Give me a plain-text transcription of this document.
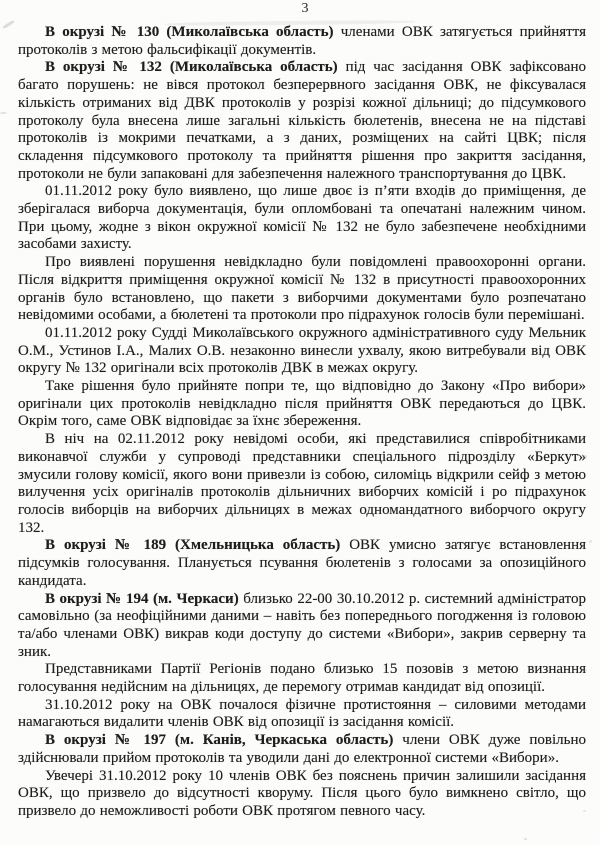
3

В окрузі № 130 (Миколаївська область) членами ОВК затягується прийняття протоколів з метою фальсифікації документів.

В окрузі № 132 (Миколаївська область) під час засідання ОВК зафіксовано багато порушень: не вівся протокол безперервного засідання ОВК, не фіксувалася кількість отриманих від ДВК протоколів у розрізі кожної дільниці; до підсумкового протоколу була внесена лише загальні кількість бюлетенів, внесена не на підставі протоколів із мокрими печатками, а з даних, розміщених на сайті ЦВК; після складення підсумкового протоколу та прийняття рішення про закриття засідання, протоколи не були запаковані для забезпечення належного транспортування до ЦВК.

01.11.2012 року було виявлено, що лише двоє із п’яти входів до приміщення, де зберігалася виборча документація, були опломбовані та опечатані належним чином. При цьому, жодне з вікон окружної комісії № 132 не було забезпечене необхідними засобами захисту.

Про виявлені порушення невідкладно були повідомлені правоохоронні органи. Після відкриття приміщення окружної комісії № 132 в присутності правоохоронних органів було встановлено, що пакети з виборчими документами було розпечатано невідомими особами, а бюлетені та протоколи про підрахунок голосів були перемішані.

01.11.2012 року Судді Миколаївського окружного адміністративного суду Мельник О.М., Устинов І.А., Малих О.В. незаконно винесли ухвалу, якою витребували від ОВК округу № 132 оригінали всіх протоколів ДВК в межах округу.

Таке рішення було прийняте попри те, що відповідно до Закону «Про вибори» оригінали цих протоколів невідкладно після прийняття ОВК передаються до ЦВК. Окрім того, саме ОВК відповідає за їхнє збереження.

В ніч на 02.11.2012 року невідомі особи, які представилися співробітниками виконавчої служби у супроводі представники спеціального підрозділу «Беркут» змусили голову комісії, якого вони привезли із собою, силоміць відкрили сейф з метою вилучення усіх оригіналів протоколів дільничних виборчих комісій і ро підрахунок голосів виборців на виборчих дільницях в межах одномандатного виборчого округу 132.

В окрузі № 189 (Хмельницька область) ОВК умисно затягує встановлення підсумків голосування. Планується псування бюлетенів з голосами за опозиційного кандидата.

В окрузі № 194 (м. Черкаси) близько 22-00 30.10.2012 р. системний адміністратор самовільно (за неофіційними даними – навіть без попереднього погодження із головою та/або членами ОВК) викрав коди доступу до системи «Вибори», закрив серверну та зник.

Представниками Партії Регіонів подано близько 15 позовів з метою визнання голосування недійсним на дільницях, де перемогу отримав кандидат від опозиції.

31.10.2012 року на ОВК почалося фізичне протистояння – силовими методами намагаються видалити членів ОВК від опозиції із засідання комісії.

В окрузі № 197 (м. Канів, Черкаська область) члени ОВК дуже повільно здійснювали прийом протоколів та уводили дані до електронної системи «Вибори».

Увечері 31.10.2012 року 10 членів ОВК без пояснень причин залишили засідання ОВК, що призвело до відсутності кворуму. Після цього було вимкнено світло, що призвело до неможливості роботи ОВК протягом певного часу.
